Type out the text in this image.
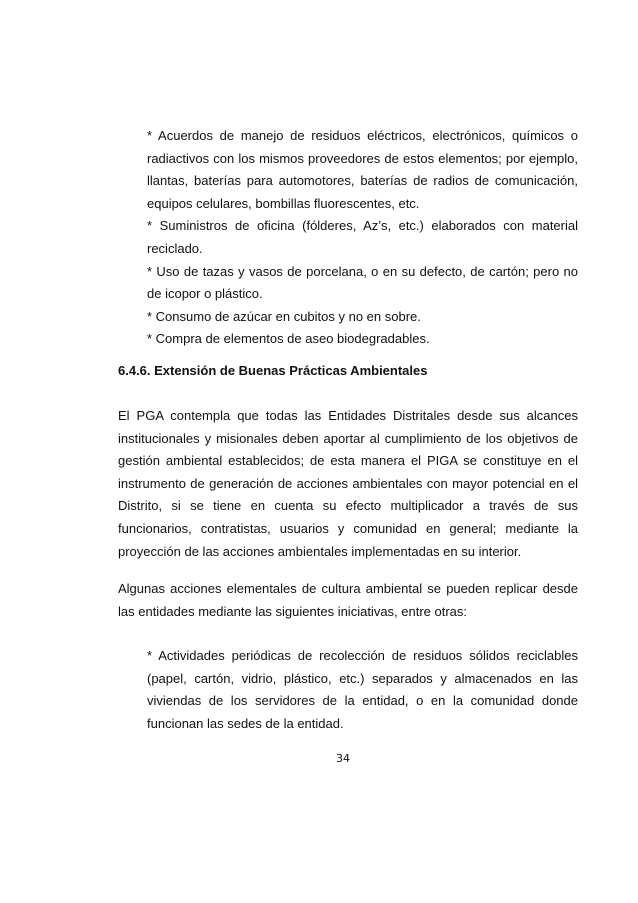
* Acuerdos de manejo de residuos eléctricos, electrónicos, químicos o radiactivos con los mismos proveedores de estos elementos; por ejemplo, llantas, baterías para automotores, baterías de radios de comunicación, equipos celulares, bombillas fluorescentes, etc.

* Suministros de oficina (fólderes, Az’s, etc.) elaborados con material reciclado.

* Uso de tazas y vasos de porcelana, o en su defecto, de cartón; pero no de icopor o plástico.

* Consumo de azúcar en cubitos y no en sobre.

* Compra de elementos de aseo biodegradables.

6.4.6. Extensión de Buenas Prácticas Ambientales

El PGA contempla que todas las Entidades Distritales desde sus alcances institucionales y misionales deben aportar al cumplimiento de los objetivos de gestión ambiental establecidos; de esta manera el PIGA se constituye en el instrumento de generación de acciones ambientales con mayor potencial en el Distrito, si se tiene en cuenta su efecto multiplicador a través de sus funcionarios, contratistas, usuarios y comunidad en general; mediante la proyección de las acciones ambientales implementadas en su interior.

Algunas acciones elementales de cultura ambiental se pueden replicar desde las entidades mediante las siguientes iniciativas, entre otras:

* Actividades periódicas de recolección de residuos sólidos reciclables (papel, cartón, vidrio, plástico, etc.) separados y almacenados en las viviendas de los servidores de la entidad, o en la comunidad donde funcionan las sedes de la entidad.

34
